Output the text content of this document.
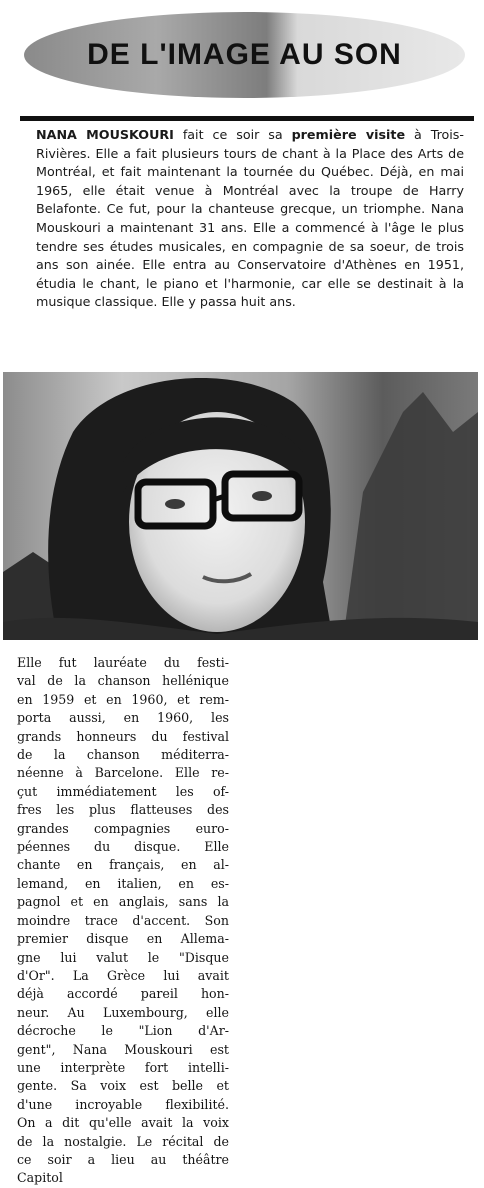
DE L'IMAGE AU SON
NANA MOUSKOURI fait ce soir sa première visite à Trois-Rivières. Elle a fait plusieurs tours de chant à la Place des Arts de Montréal, et fait maintenant la tournée du Québec. Déjà, en mai 1965, elle était venue à Montréal avec la troupe de Harry Belafonte. Ce fut, pour la chanteuse grecque, un triomphe. Nana Mouskouri a maintenant 31 ans. Elle a commencé à l'âge le plus tendre ses études musicales, en compagnie de sa soeur, de trois ans son ainée. Elle entra au Conservatoire d'Athènes en 1951, étudia le chant, le piano et l'harmonie, car elle se destinait à la musique classique. Elle y passa huit ans.
Elle fut lauréate du festi-
val de la chanson hellénique
en 1959 et en 1960, et rem-
porta aussi, en 1960, les
grands honneurs du festival
de la chanson méditerra-
néenne à Barcelone. Elle re-
çut immédiatement les of-
fres les plus flatteuses des
grandes compagnies euro-
péennes du disque. Elle
chante en français, en al-
lemand, en italien, en es-
pagnol et en anglais, sans la
moindre trace d'accent. Son
premier disque en Allema-
gne lui valut le "Disque
d'Or". La Grèce lui avait
déjà accordé pareil hon-
neur. Au Luxembourg, elle
décroche le "Lion d'Ar-
gent", Nana Mouskouri est
une interprète fort intelli-
gente. Sa voix est belle et
d'une incroyable flexibilité.
On a dit qu'elle avait la voix
de la nostalgie. Le récital de
ce soir a lieu au théâtre
Capitol
